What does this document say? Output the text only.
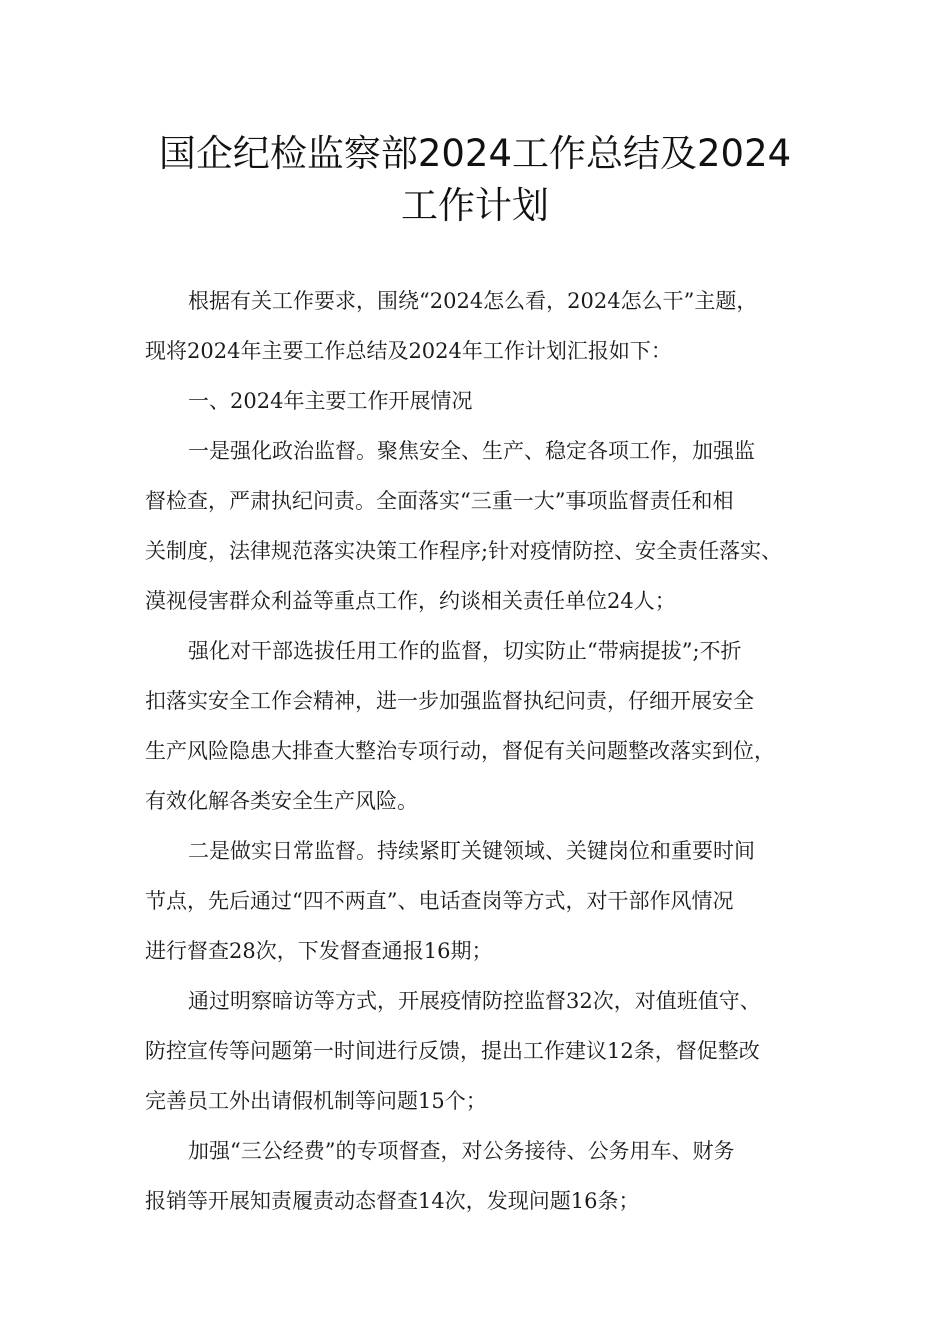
国企纪检监察部2024工作总结及2024
工作计划
根据有关工作要求，围绕“2024怎么看，2024怎么干”主题，
现将2024年主要工作总结及2024年工作计划汇报如下：
一、2024年主要工作开展情况
一是强化政治监督。聚焦安全、生产、稳定各项工作，加强监
督检查，严肃执纪问责。全面落实“三重一大”事项监督责任和相
关制度，法律规范落实决策工作程序;针对疫情防控、安全责任落实、
漠视侵害群众利益等重点工作，约谈相关责任单位24人；
强化对干部选拔任用工作的监督，切实防止“带病提拔”;不折
扣落实安全工作会精神，进一步加强监督执纪问责，仔细开展安全
生产风险隐患大排查大整治专项行动，督促有关问题整改落实到位，
有效化解各类安全生产风险。
二是做实日常监督。持续紧盯关键领域、关键岗位和重要时间
节点，先后通过“四不两直”、电话查岗等方式，对干部作风情况
进行督查28次，下发督查通报16期；
通过明察暗访等方式，开展疫情防控监督32次，对值班值守、
防控宣传等问题第一时间进行反馈，提出工作建议12条，督促整改
完善员工外出请假机制等问题15个；
加强“三公经费”的专项督查，对公务接待、公务用车、财务
报销等开展知责履责动态督查14次，发现问题16条；
